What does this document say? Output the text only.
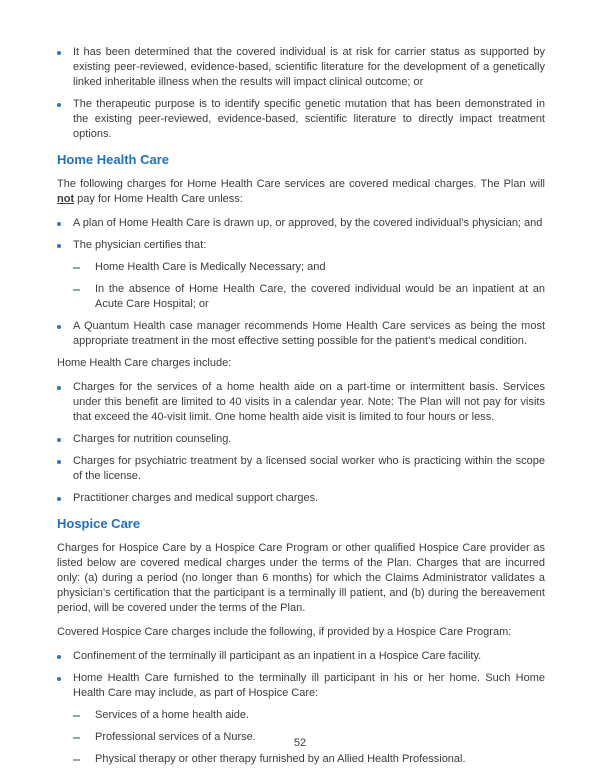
It has been determined that the covered individual is at risk for carrier status as supported by existing peer-reviewed, evidence-based, scientific literature for the development of a genetically linked inheritable illness when the results will impact clinical outcome; or
The therapeutic purpose is to identify specific genetic mutation that has been demonstrated in the existing peer-reviewed, evidence-based, scientific literature to directly impact treatment options.
Home Health Care
The following charges for Home Health Care services are covered medical charges. The Plan will not pay for Home Health Care unless:
A plan of Home Health Care is drawn up, or approved, by the covered individual’s physician; and
The physician certifies that:
Home Health Care is Medically Necessary; and
In the absence of Home Health Care, the covered individual would be an inpatient at an Acute Care Hospital; or
A Quantum Health case manager recommends Home Health Care services as being the most appropriate treatment in the most effective setting possible for the patient’s medical condition.
Home Health Care charges include:
Charges for the services of a home health aide on a part-time or intermittent basis. Services under this benefit are limited to 40 visits in a calendar year. Note: The Plan will not pay for visits that exceed the 40-visit limit. One home health aide visit is limited to four hours or less.
Charges for nutrition counseling.
Charges for psychiatric treatment by a licensed social worker who is practicing within the scope of the license.
Practitioner charges and medical support charges.
Hospice Care
Charges for Hospice Care by a Hospice Care Program or other qualified Hospice Care provider as listed below are covered medical charges under the terms of the Plan. Charges that are incurred only: (a) during a period (no longer than 6 months) for which the Claims Administrator validates a physician’s certification that the participant is a terminally ill patient, and (b) during the bereavement period, will be covered under the terms of the Plan.
Covered Hospice Care charges include the following, if provided by a Hospice Care Program:
Confinement of the terminally ill participant as an inpatient in a Hospice Care facility.
Home Health Care furnished to the terminally ill participant in his or her home. Such Home Health Care may include, as part of Hospice Care:
Services of a home health aide.
Professional services of a Nurse.
Physical therapy or other therapy furnished by an Allied Health Professional.
52
